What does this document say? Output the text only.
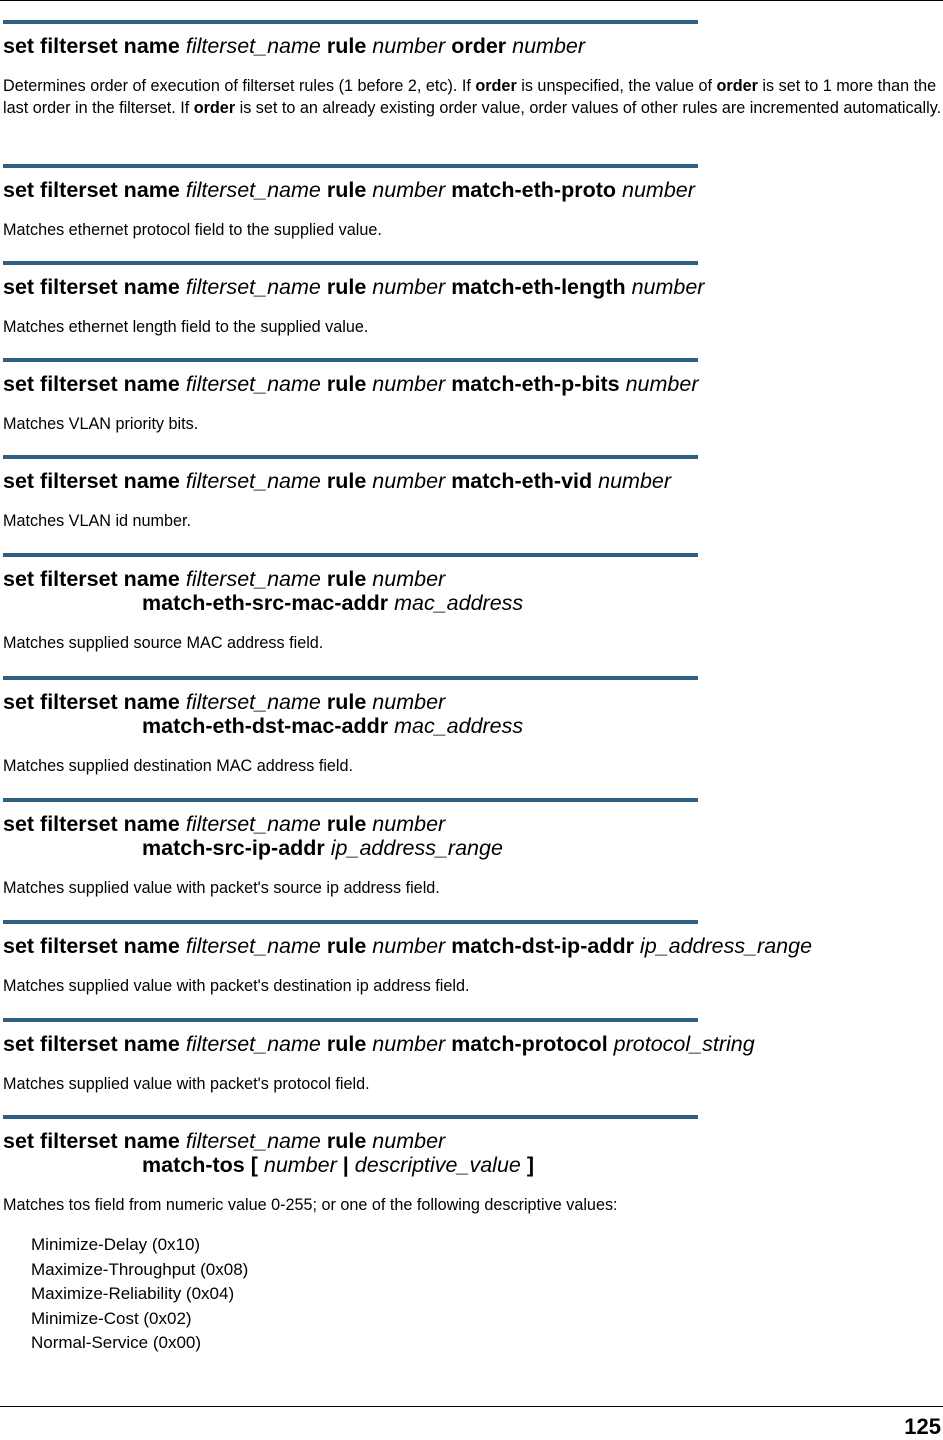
set filterset name filterset_name rule number order number
Determines order of execution of filterset rules (1 before 2, etc). If order is unspecified, the value of order is set to 1 more than the last order in the filterset. If order is set to an already existing order value, order values of other rules are incremented automatically.
set filterset name filterset_name rule number match-eth-proto number
Matches ethernet protocol field to the supplied value.
set filterset name filterset_name rule number match-eth-length number
Matches ethernet length field to the supplied value.
set filterset name filterset_name rule number match-eth-p-bits number
Matches VLAN priority bits.
set filterset name filterset_name rule number match-eth-vid number
Matches VLAN id number.
set filterset name filterset_name rule number
match-eth-src-mac-addr mac_address
Matches supplied source MAC address field.
set filterset name filterset_name rule number
match-eth-dst-mac-addr mac_address
Matches supplied destination MAC address field.
set filterset name filterset_name rule number
match-src-ip-addr ip_address_range
Matches supplied value with packet's source ip address field.
set filterset name filterset_name rule number match-dst-ip-addr ip_address_range
Matches supplied value with packet's destination ip address field.
set filterset name filterset_name rule number match-protocol protocol_string
Matches supplied value with packet's protocol field.
set filterset name filterset_name rule number
match-tos [ number | descriptive_value ]
Matches tos field from numeric value 0-255; or one of the following descriptive values:
Minimize-Delay (0x10)
Maximize-Throughput (0x08)
Maximize-Reliability (0x04)
Minimize-Cost (0x02)
Normal-Service (0x00)
125
